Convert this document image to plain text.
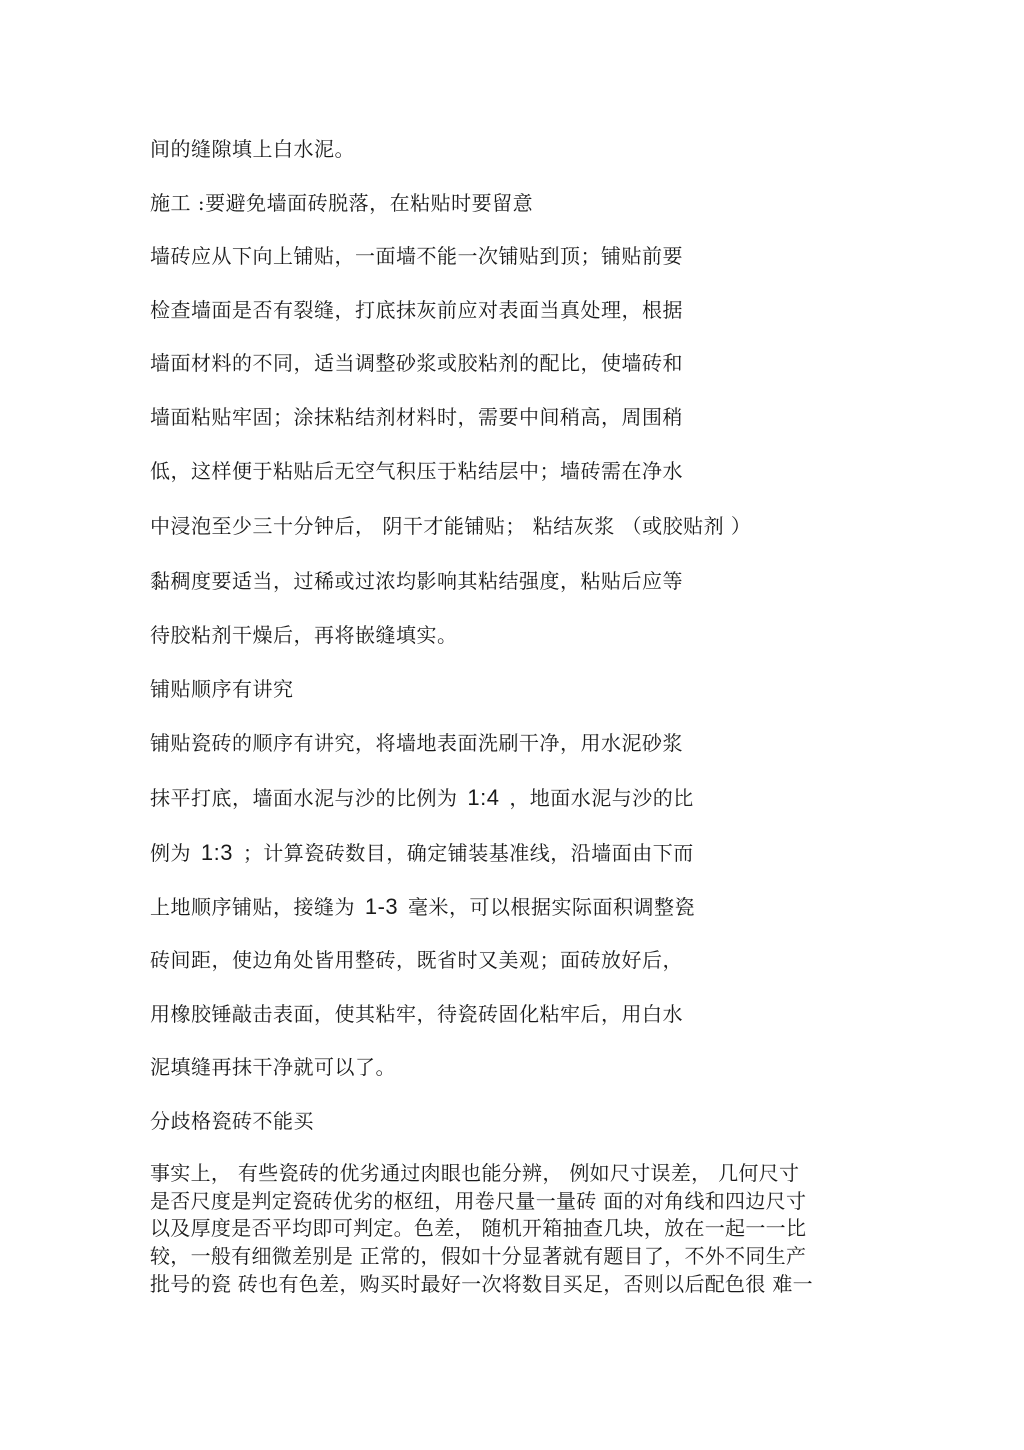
间的缝隙填上白水泥。
施工 :要避免墙面砖脱落，在粘贴时要留意
墙砖应从下向上铺贴，一面墙不能一次铺贴到顶；铺贴前要
检查墙面是否有裂缝，打底抹灰前应对表面当真处理，根据
墙面材料的不同，适当调整砂浆或胶粘剂的配比，使墙砖和
墙面粘贴牢固；涂抹粘结剂材料时，需要中间稍高，周围稍
低，这样便于粘贴后无空气积压于粘结层中；墙砖需在净水
中浸泡至少三十分钟后， 阴干才能铺贴； 粘结灰浆 （或胶贴剂 ）
黏稠度要适当，过稀或过浓均影响其粘结强度，粘贴后应等
待胶粘剂干燥后，再将嵌缝填实。
铺贴顺序有讲究
铺贴瓷砖的顺序有讲究，将墙地表面洗刷干净，用水泥砂浆
抹平打底，墙面水泥与沙的比例为 1:4 ，地面水泥与沙的比
例为 1:3 ；计算瓷砖数目，确定铺装基准线，沿墙面由下而
上地顺序铺贴，接缝为 1-3 毫米，可以根据实际面积调整瓷
砖间距，使边角处皆用整砖，既省时又美观；面砖放好后，
用橡胶锤敲击表面，使其粘牢，待瓷砖固化粘牢后，用白水
泥填缝再抹干净就可以了。
分歧格瓷砖不能买
事实上， 有些瓷砖的优劣通过肉眼也能分辨， 例如尺寸误差， 几何尺寸
是否尺度是判定瓷砖优劣的枢纽，用卷尺量一量砖 面的对角线和四边尺寸
以及厚度是否平均即可判定。色差， 随机开箱抽查几块，放在一起一一比
较，一般有细微差别是 正常的，假如十分显著就有题目了，不外不同生产
批号的瓷 砖也有色差，购买时最好一次将数目买足，否则以后配色很 难一
